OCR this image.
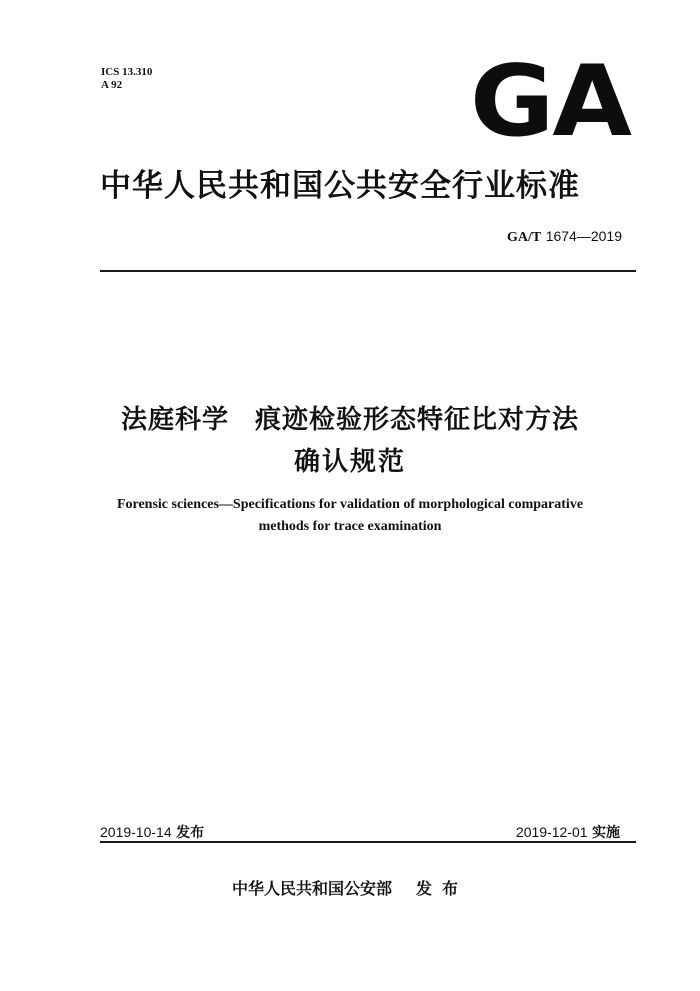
ICS 13.310
A 92	GA
中华人民共和国公共安全行业标准
GA/T 1674—2019
法庭科学 痕迹检验形态特征比对方法
确认规范
Forensic sciences—Specifications for validation of morphological comparative
methods for trace examination
2019-10-14 发布	2019-12-01 实施
中华人民共和国公安部 发布
